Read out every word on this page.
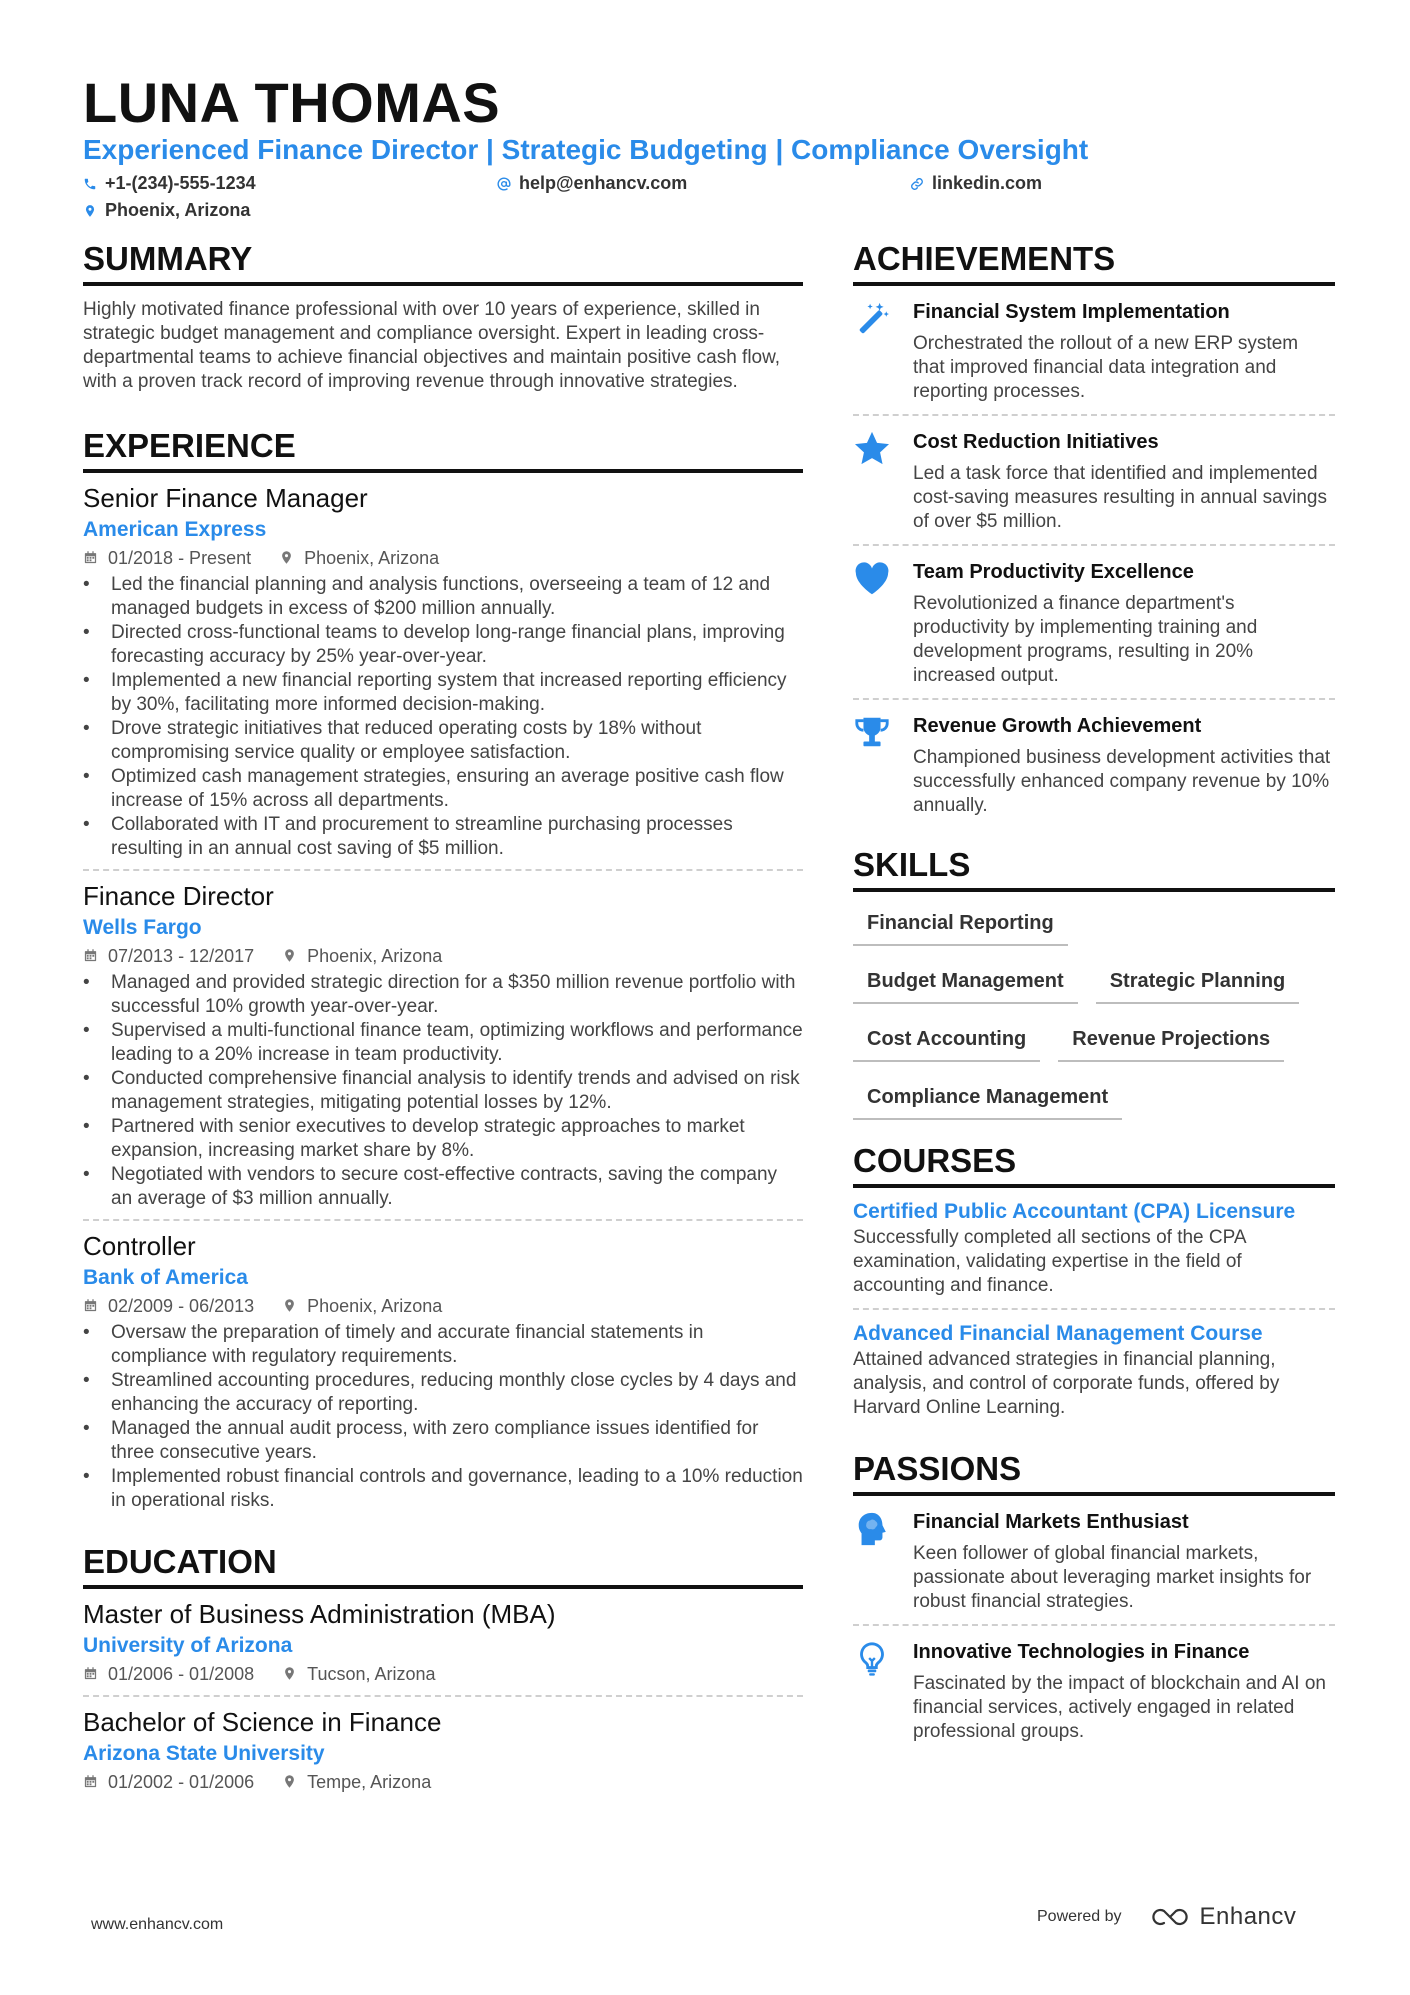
LUNA THOMAS
Experienced Finance Director | Strategic Budgeting | Compliance Oversight
+1-(234)-555-1234	help@enhancv.com	linkedin.com
Phoenix, Arizona
SUMMARY
Highly motivated finance professional with over 10 years of experience, skilled in strategic budget management and compliance oversight. Expert in leading cross-departmental teams to achieve financial objectives and maintain positive cash flow, with a proven track record of improving revenue through innovative strategies.
EXPERIENCE
Senior Finance Manager
American Express
01/2018 - Present	Phoenix, Arizona
• Led the financial planning and analysis functions, overseeing a team of 12 and managed budgets in excess of $200 million annually.
• Directed cross-functional teams to develop long-range financial plans, improving forecasting accuracy by 25% year-over-year.
• Implemented a new financial reporting system that increased reporting efficiency by 30%, facilitating more informed decision-making.
• Drove strategic initiatives that reduced operating costs by 18% without compromising service quality or employee satisfaction.
• Optimized cash management strategies, ensuring an average positive cash flow increase of 15% across all departments.
• Collaborated with IT and procurement to streamline purchasing processes resulting in an annual cost saving of $5 million.
Finance Director
Wells Fargo
07/2013 - 12/2017	Phoenix, Arizona
• Managed and provided strategic direction for a $350 million revenue portfolio with successful 10% growth year-over-year.
• Supervised a multi-functional finance team, optimizing workflows and performance leading to a 20% increase in team productivity.
• Conducted comprehensive financial analysis to identify trends and advised on risk management strategies, mitigating potential losses by 12%.
• Partnered with senior executives to develop strategic approaches to market expansion, increasing market share by 8%.
• Negotiated with vendors to secure cost-effective contracts, saving the company an average of $3 million annually.
Controller
Bank of America
02/2009 - 06/2013	Phoenix, Arizona
• Oversaw the preparation of timely and accurate financial statements in compliance with regulatory requirements.
• Streamlined accounting procedures, reducing monthly close cycles by 4 days and enhancing the accuracy of reporting.
• Managed the annual audit process, with zero compliance issues identified for three consecutive years.
• Implemented robust financial controls and governance, leading to a 10% reduction in operational risks.
EDUCATION
Master of Business Administration (MBA)
University of Arizona
01/2006 - 01/2008	Tucson, Arizona
Bachelor of Science in Finance
Arizona State University
01/2002 - 01/2006	Tempe, Arizona
ACHIEVEMENTS
Financial System Implementation
Orchestrated the rollout of a new ERP system that improved financial data integration and reporting processes.
Cost Reduction Initiatives
Led a task force that identified and implemented cost-saving measures resulting in annual savings of over $5 million.
Team Productivity Excellence
Revolutionized a finance department's productivity by implementing training and development programs, resulting in 20% increased output.
Revenue Growth Achievement
Championed business development activities that successfully enhanced company revenue by 10% annually.
SKILLS
Financial Reporting
Budget Management	Strategic Planning
Cost Accounting	Revenue Projections
Compliance Management
COURSES
Certified Public Accountant (CPA) Licensure
Successfully completed all sections of the CPA examination, validating expertise in the field of accounting and finance.
Advanced Financial Management Course
Attained advanced strategies in financial planning, analysis, and control of corporate funds, offered by Harvard Online Learning.
PASSIONS
Financial Markets Enthusiast
Keen follower of global financial markets, passionate about leveraging market insights for robust financial strategies.
Innovative Technologies in Finance
Fascinated by the impact of blockchain and AI on financial services, actively engaged in related professional groups.
www.enhancv.com	Powered by	Enhancv
